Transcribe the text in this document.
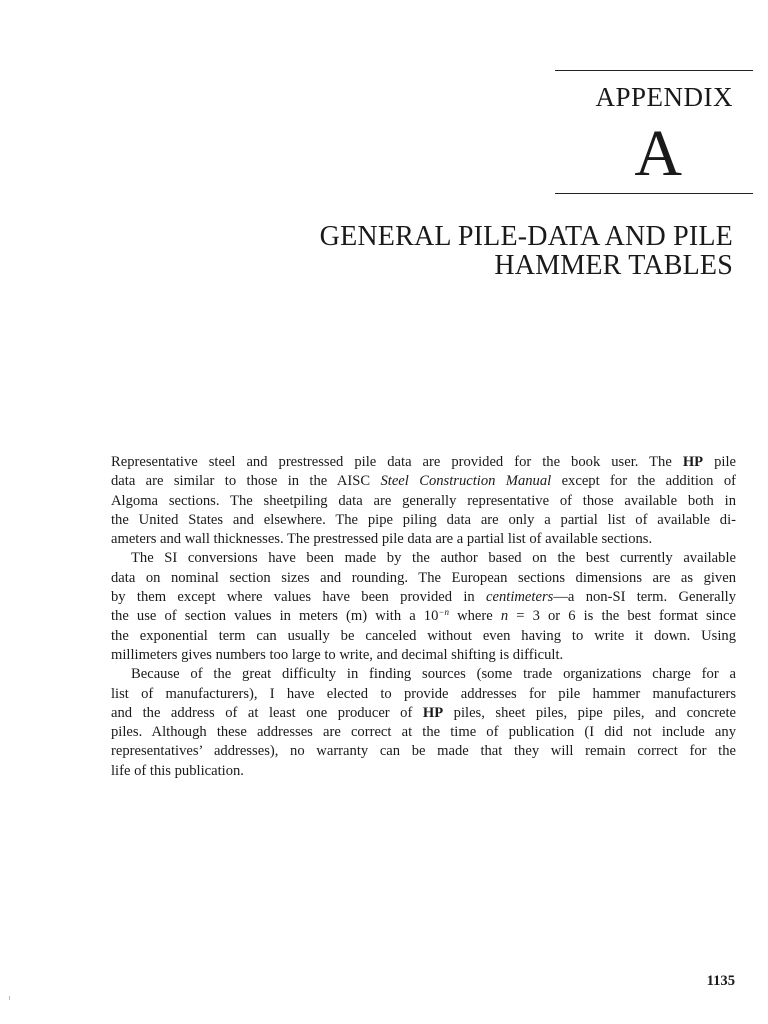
APPENDIX
A
GENERAL PILE-DATA AND PILE
HAMMER TABLES
Representative steel and prestressed pile data are provided for the book user. The HP pile
data are similar to those in the AISC Steel Construction Manual except for the addition of
Algoma sections. The sheetpiling data are generally representative of those available both in
the United States and elsewhere. The pipe piling data are only a partial list of available di-
ameters and wall thicknesses. The prestressed pile data are a partial list of available sections.
The SI conversions have been made by the author based on the best currently available
data on nominal section sizes and rounding. The European sections dimensions are as given
by them except where values have been provided in centimeters—a non-SI term. Generally
the use of section values in meters (m) with a $10^{-n}$ where n = 3 or 6 is the best format since
the exponential term can usually be canceled without even having to write it down. Using
millimeters gives numbers too large to write, and decimal shifting is difficult.
Because of the great difficulty in finding sources (some trade organizations charge for a
list of manufacturers), I have elected to provide addresses for pile hammer manufacturers
and the address of at least one producer of HP piles, sheet piles, pipe piles, and concrete
piles. Although these addresses are correct at the time of publication (I did not include any
representatives’ addresses), no warranty can be made that they will remain correct for the
life of this publication.
1135
